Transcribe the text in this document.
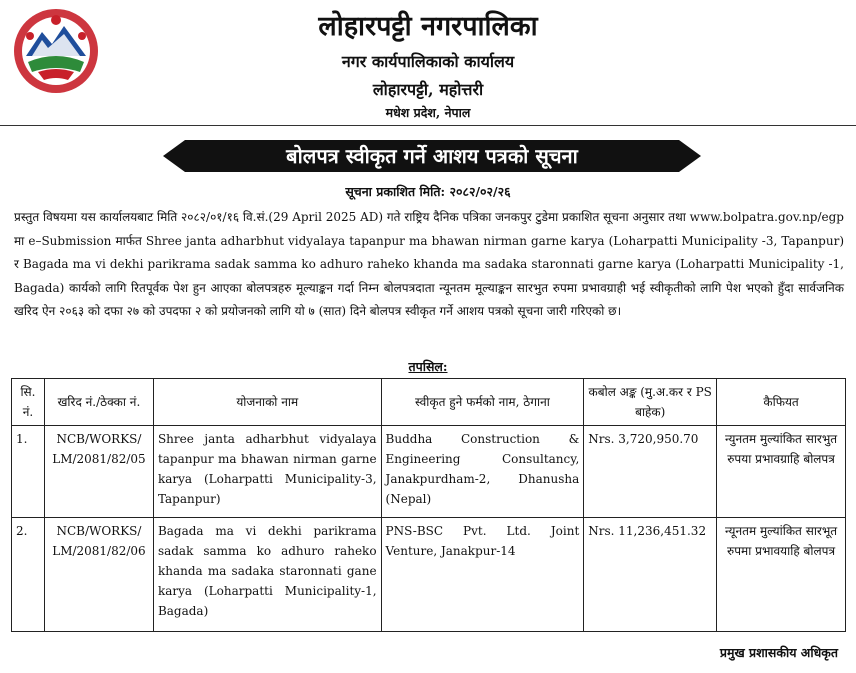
लोहारपट्टी नगरपालिका
नगर कार्यपालिकाको कार्यालय
लोहारपट्टी, महोत्तरी
मधेश प्रदेश, नेपाल
बोलपत्र स्वीकृत गर्ने आशय पत्रको सूचना
सूचना प्रकाशित मिति: २०८२/०२/२६

प्रस्तुत विषयमा यस कार्यालयबाट मिति २०८२/०१/१६ वि.सं.(29 April 2025 AD) गते राष्ट्रिय दैनिक पत्रिका जनकपुर टुडेमा प्रकाशित सूचना अनुसार तथा www.bolpatra.gov.np/egp मा e–Submission मार्फत Shree janta adharbhut vidyalaya tapanpur ma bhawan nirman garne karya (Loharpatti Municipality -3, Tapanpur) र Bagada ma vi dekhi parikrama sadak samma ko adhuro raheko khanda ma sadaka staronnati garne karya (Loharpatti Municipality -1, Bagada) कार्यको लागि रितपूर्वक पेश हुन आएका बोलपत्रहरु मूल्याङ्कन गर्दा निम्न बोलपत्रदाता न्यूनतम मूल्याङ्कन सारभुत रुपमा प्रभावग्राही भई स्वीकृतीको लागि पेश भएको हुँदा सार्वजनिक खरिद ऐन २०६३ को दफा २७ को उपदफा २ को प्रयोजनको लागि यो ७ (सात) दिने बोलपत्र स्वीकृत गर्ने आशय पत्रको सूचना जारी गरिएको छ।

तपसिल:
सि. नं.	खरिद नं./ठेक्का नं.	योजनाको नाम	स्वीकृत हुने फर्मको नाम, ठेगाना	कबोल अङ्क (मु.अ.कर र PS बाहेक)	कैफियत
1.	NCB/WORKS/ LM/2081/82/05	Shree janta adharbhut vidyalaya tapanpur ma bhawan nirman garne karya (Loharpatti Municipality-3, Tapanpur)	Buddha Construction & Engineering Consultancy, Janakpurdham-2, Dhanusha (Nepal)	Nrs. 3,720,950.70	न्युनतम मुल्यांकित सारभुत रुपया प्रभावग्राहि बोलपत्र
2.	NCB/WORKS/ LM/2081/82/06	Bagada ma vi dekhi parikrama sadak samma ko adhuro raheko khanda ma sadaka staronnati gane karya (Loharpatti Municipality-1, Bagada)	PNS-BSC Pvt. Ltd. Joint Venture, Janakpur-14	Nrs. 11,236,451.32	न्यूनतम मुल्यांकित सारभूत रुपमा प्रभावयाहि बोलपत्र
प्रमुख प्रशासकीय अधिकृत
